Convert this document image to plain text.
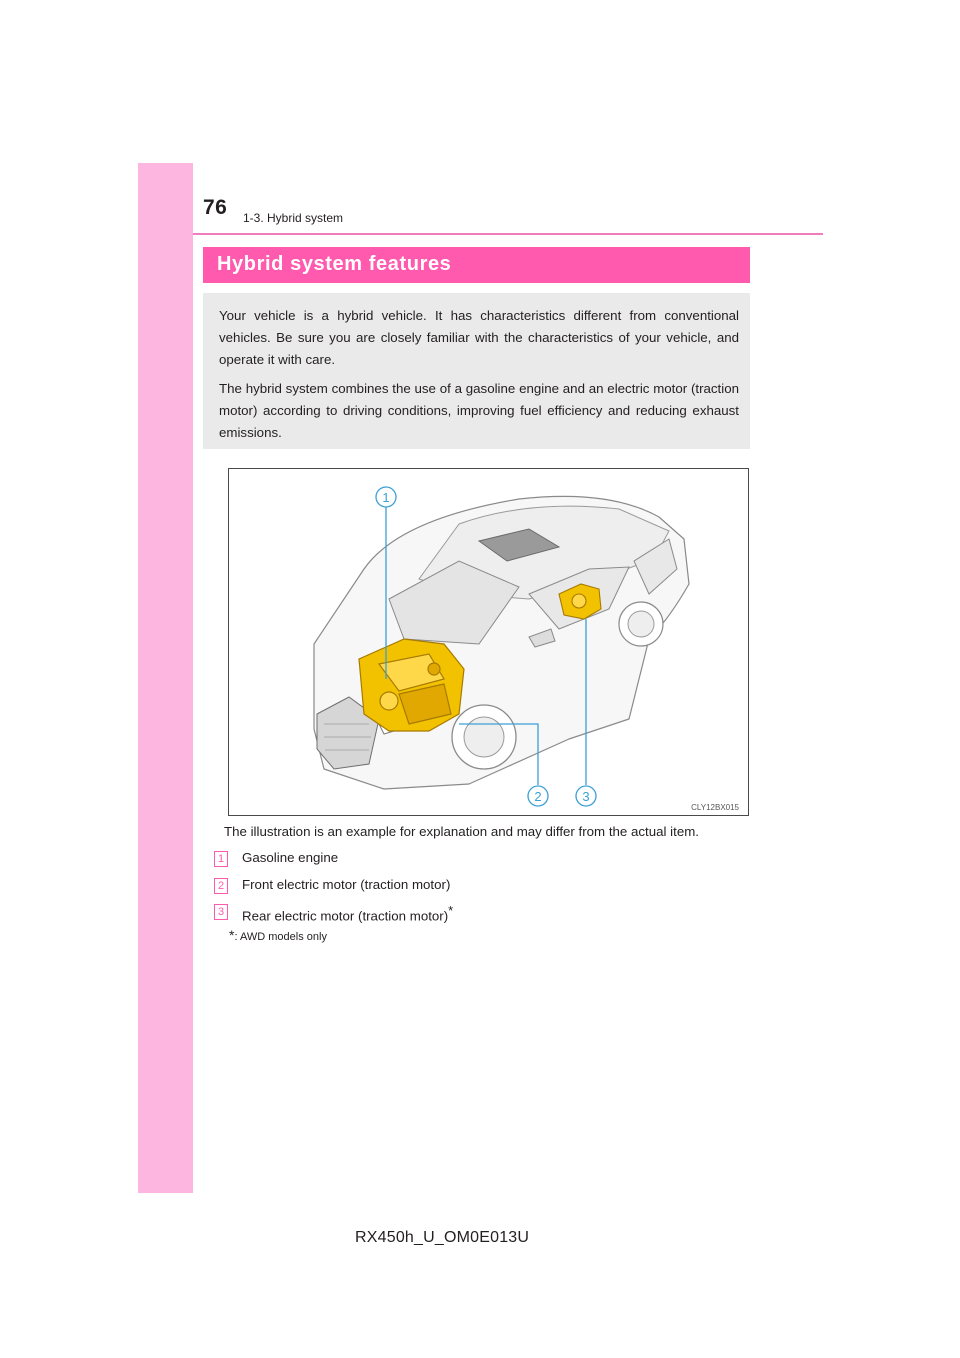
76 1-3. Hybrid system
Hybrid system features

Your vehicle is a hybrid vehicle. It has characteristics different from conventional vehicles. Be sure you are closely familiar with the characteristics of your vehicle, and operate it with care.

The hybrid system combines the use of a gasoline engine and an electric motor (traction motor) according to driving conditions, improving fuel efficiency and reducing exhaust emissions.

1
2	3
CLY12BX015
The illustration is an example for explanation and may differ from the actual item.
1 Gasoline engine
2 Front electric motor (traction motor)
3 Rear electric motor (traction motor)*
*: AWD models only
RX450h_U_OM0E013U
